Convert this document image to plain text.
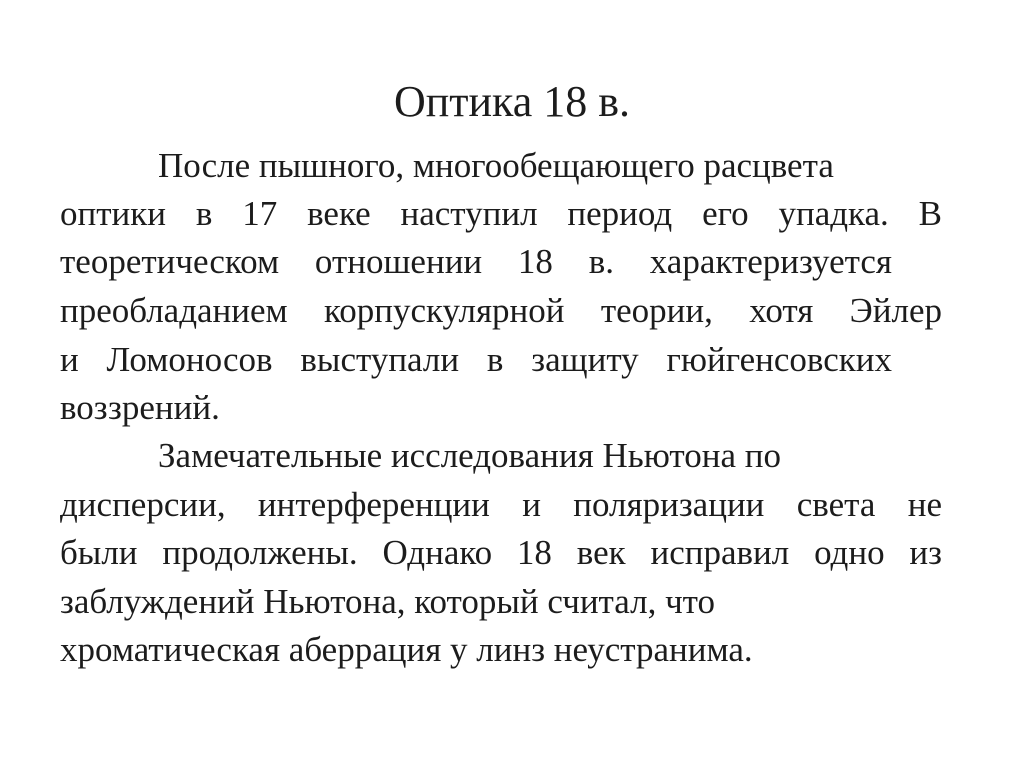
Оптика 18 в.
После пышного, многообещающего расцвета
оптики в 17 веке наступил период его упадка. В
теоретическом отношении 18 в. характеризуется
преобладанием корпускулярной теории, хотя Эйлер
и Ломоносов выступали в защиту гюйгенсовских
воззрений.
Замечательные исследования Ньютона по
дисперсии, интерференции и поляризации света не
были продолжены. Однако 18 век исправил одно из
заблуждений Ньютона, который считал, что
хроматическая аберрация у линз неустранима.
